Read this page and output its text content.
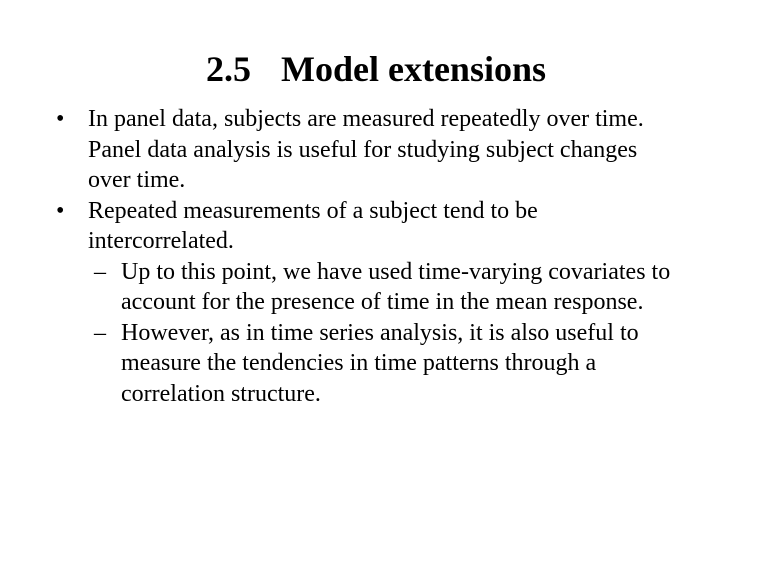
2.5 Model extensions
• In panel data, subjects are measured repeatedly over time.
Panel data analysis is useful for studying subject changes
over time.
• Repeated measurements of a subject tend to be
intercorrelated.
– Up to this point, we have used time-varying covariates to
account for the presence of time in the mean response.
– However, as in time series analysis, it is also useful to
measure the tendencies in time patterns through a
correlation structure.
